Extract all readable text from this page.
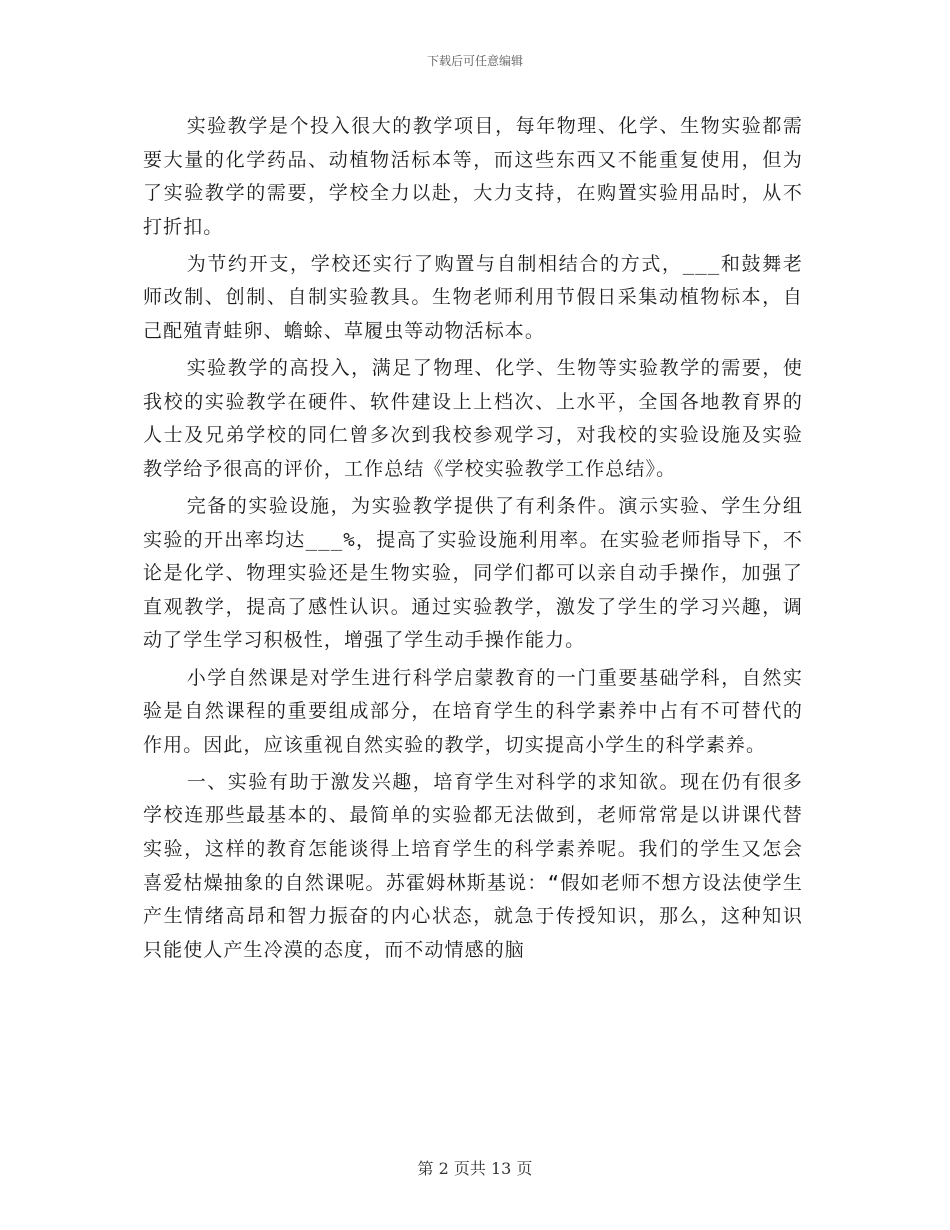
下载后可任意编辑

实验教学是个投入很大的教学项目，每年物理、化学、生物实验都需要大量的化学药品、动植物活标本等，而这些东西又不能重复使用，但为了实验教学的需要，学校全力以赴，大力支持，在购置实验用品时，从不打折扣。

为节约开支，学校还实行了购置与自制相结合的方式，___和鼓舞老师改制、创制、自制实验教具。生物老师利用节假日采集动植物标本，自己配殖青蛙卵、蟾蜍、草履虫等动物活标本。

实验教学的高投入，满足了物理、化学、生物等实验教学的需要，使我校的实验教学在硬件、软件建设上上档次、上水平，全国各地教育界的人士及兄弟学校的同仁曾多次到我校参观学习，对我校的实验设施及实验教学给予很高的评价，工作总结《学校实验教学工作总结》。

完备的实验设施，为实验教学提供了有利条件。演示实验、学生分组实验的开出率均达___%，提高了实验设施利用率。在实验老师指导下，不论是化学、物理实验还是生物实验，同学们都可以亲自动手操作，加强了直观教学，提高了感性认识。通过实验教学，激发了学生的学习兴趣，调动了学生学习积极性，增强了学生动手操作能力。

小学自然课是对学生进行科学启蒙教育的一门重要基础学科，自然实验是自然课程的重要组成部分，在培育学生的科学素养中占有不可替代的作用。因此，应该重视自然实验的教学，切实提高小学生的科学素养。

一、实验有助于激发兴趣，培育学生对科学的求知欲。现在仍有很多学校连那些最基本的、最简单的实验都无法做到，老师常常是以讲课代替实验，这样的教育怎能谈得上培育学生的科学素养呢。我们的学生又怎会喜爱枯燥抽象的自然课呢。苏霍姆林斯基说：“假如老师不想方设法使学生产生情绪高昂和智力振奋的内心状态，就急于传授知识，那么，这种知识只能使人产生冷漠的态度，而不动情感的脑

第 2 页共 13 页
